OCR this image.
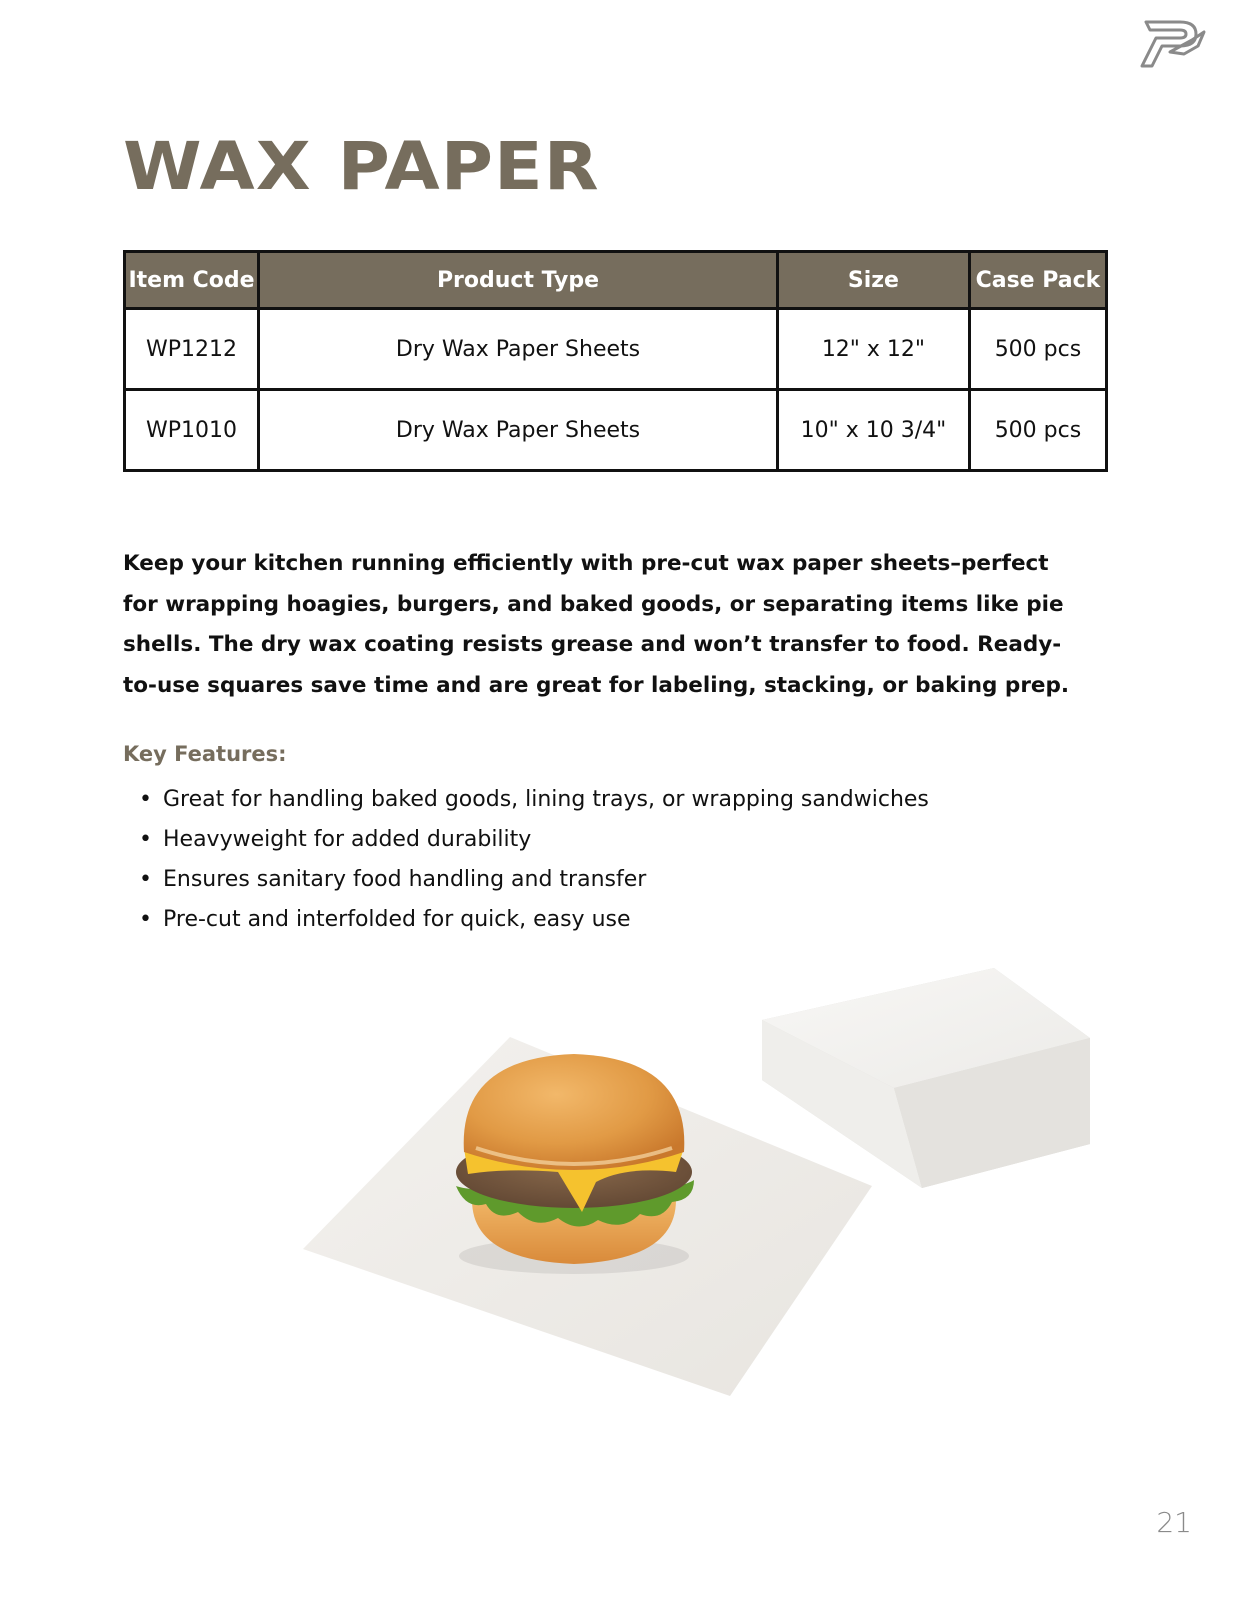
WAX PAPER
Item Code	Product Type	Size	Case Pack
WP1212	Dry Wax Paper Sheets	12" x 12"	500 pcs
WP1010	Dry Wax Paper Sheets	10" x 10 3/4"	500 pcs

Keep your kitchen running efficiently with pre-cut wax paper sheets–perfect for wrapping hoagies, burgers, and baked goods, or separating items like pie shells. The dry wax coating resists grease and won’t transfer to food. Ready-to-use squares save time and are great for labeling, stacking, or baking prep.

Key Features:
• Great for handling baked goods, lining trays, or wrapping sandwiches
• Heavyweight for added durability
• Ensures sanitary food handling and transfer
• Pre-cut and interfolded for quick, easy use
21
